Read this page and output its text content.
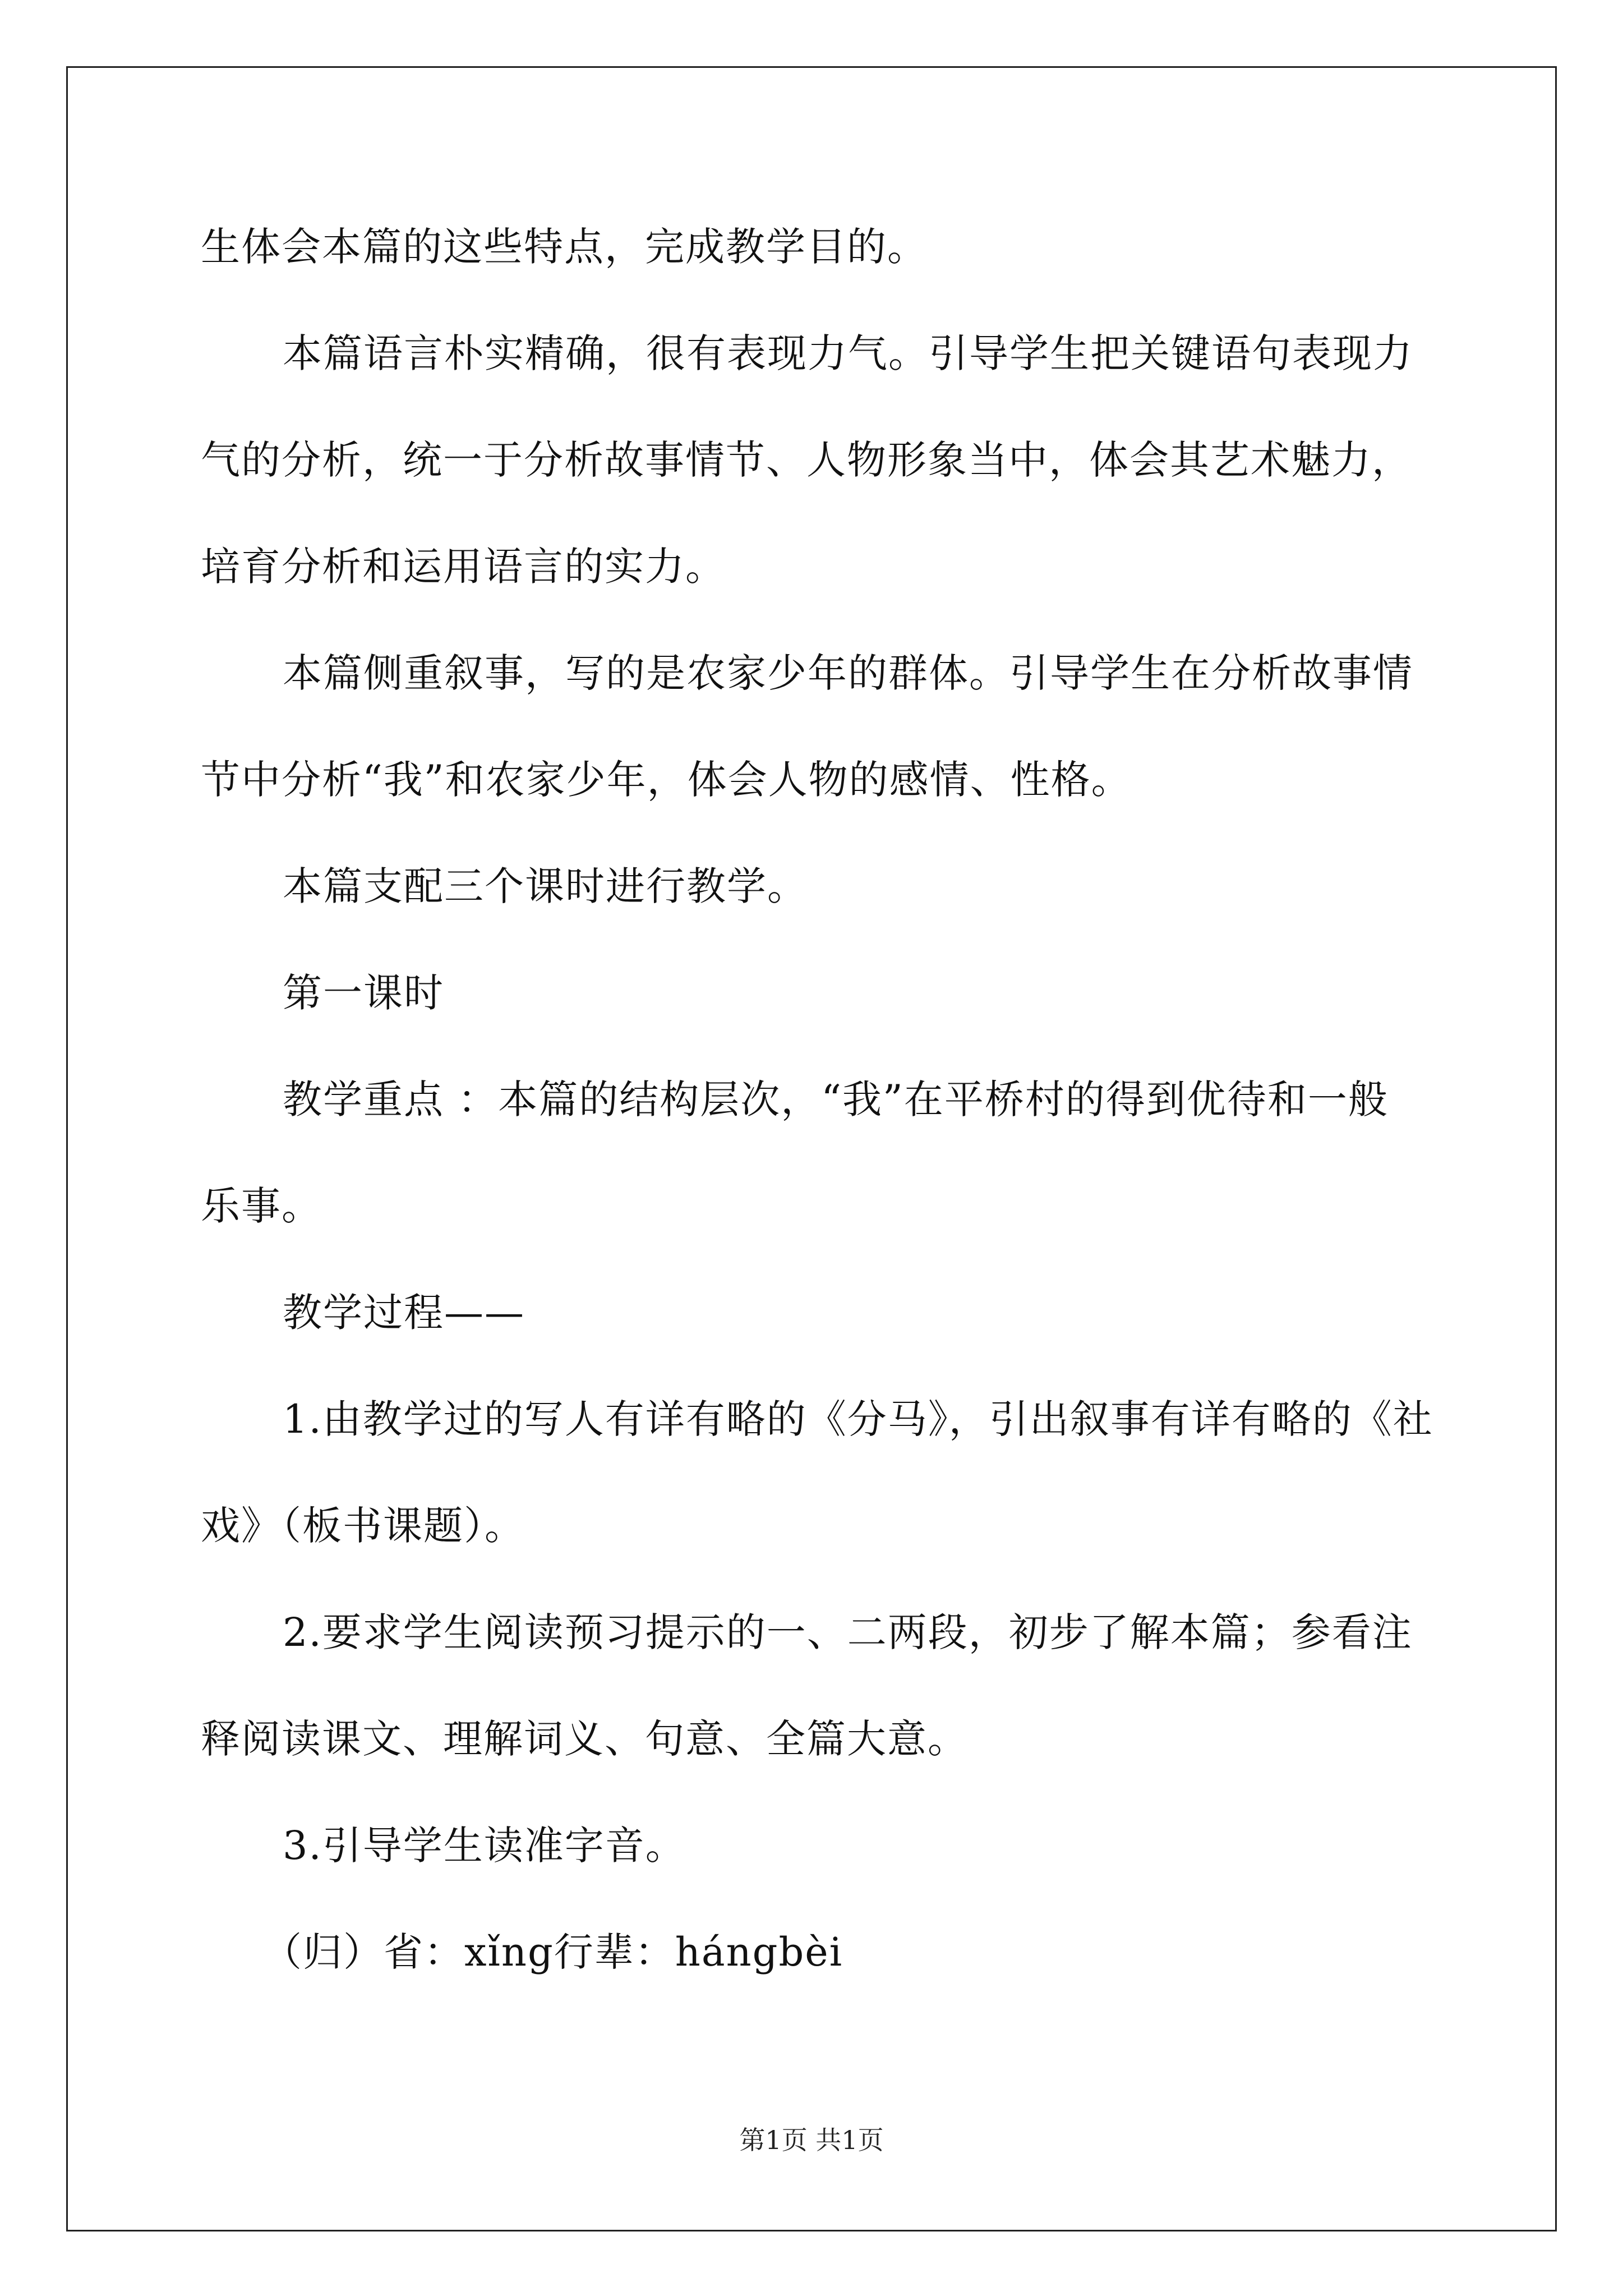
生体会本篇的这些特点，完成教学目的。
本篇语言朴实精确，很有表现力气。引导学生把关键语句表现力
气的分析，统一于分析故事情节、人物形象当中，体会其艺术魅力，
培育分析和运用语言的实力。
本篇侧重叙事，写的是农家少年的群体。引导学生在分析故事情
节中分析“我”和农家少年，体会人物的感情、性格。
本篇支配三个课时进行教学。
第一课时
教学重点 ：本篇的结构层次，“我”在平桥村的得到优待和一般
乐事。
教学过程——
1.由教学过的写人有详有略的《分马》，引出叙事有详有略的《社
戏》（板书课题）。
2.要求学生阅读预习提示的一、二两段，初步了解本篇；参看注
释阅读课文、理解词义、句意、全篇大意。
3.引导学生读准字音。
（归）省：xǐng行辈：hángbèi
第1页 共1页
